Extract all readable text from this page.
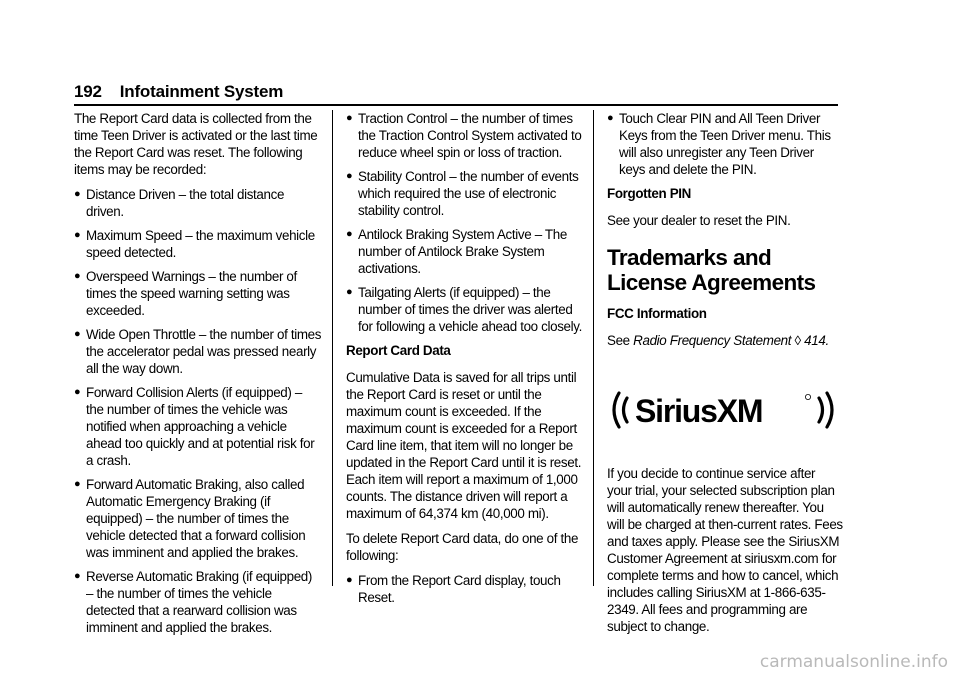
192 Infotainment System

The Report Card data is collected from the time Teen Driver is activated or the last time the Report Card was reset. The following items may be recorded:

● Distance Driven – the total distance driven.
● Maximum Speed – the maximum vehicle speed detected.
● Overspeed Warnings – the number of times the speed warning setting was exceeded.
● Wide Open Throttle – the number of times the accelerator pedal was pressed nearly all the way down.
● Forward Collision Alerts (if equipped) – the number of times the vehicle was notified when approaching a vehicle ahead too quickly and at potential risk for a crash.
● Forward Automatic Braking, also called Automatic Emergency Braking (if equipped) – the number of times the vehicle detected that a forward collision was imminent and applied the brakes.
● Reverse Automatic Braking (if equipped) – the number of times the vehicle detected that a rearward collision was imminent and applied the brakes.
● Traction Control – the number of times the Traction Control System activated to reduce wheel spin or loss of traction.
● Stability Control – the number of events which required the use of electronic stability control.
● Antilock Braking System Active – The number of Antilock Brake System activations.
● Tailgating Alerts (if equipped) – the number of times the driver was alerted for following a vehicle ahead too closely.

Report Card Data

Cumulative Data is saved for all trips until the Report Card is reset or until the maximum count is exceeded. If the maximum count is exceeded for a Report Card line item, that item will no longer be updated in the Report Card until it is reset. Each item will report a maximum of 1,000 counts. The distance driven will report a maximum of 64,374 km (40,000 mi).

To delete Report Card data, do one of the following:

● From the Report Card display, touch Reset.
● Touch Clear PIN and All Teen Driver Keys from the Teen Driver menu. This will also unregister any Teen Driver keys and delete the PIN.

Forgotten PIN

See your dealer to reset the PIN.

Trademarks and License Agreements

FCC Information

See Radio Frequency Statement ◊ 414.

SiriusXM

If you decide to continue service after your trial, your selected subscription plan will automatically renew thereafter. You will be charged at then-current rates. Fees and taxes apply. Please see the SiriusXM Customer Agreement at siriusxm.com for complete terms and how to cancel, which includes calling SiriusXM at 1-866-635-2349. All fees and programming are subject to change.

carmanualsonline.info
